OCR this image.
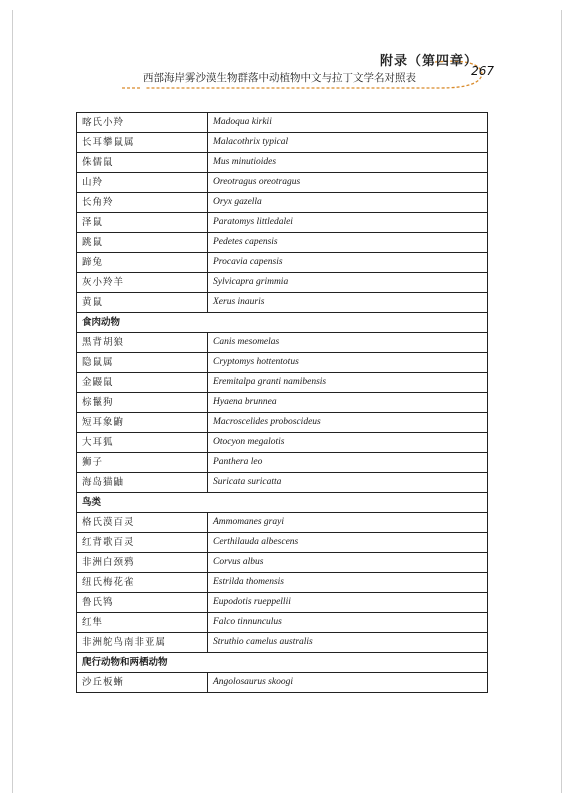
附录（第四章）
西部海岸雾沙漠生物群落中动植物中文与拉丁文学名对照表	267
喀氏小羚	Madoqua kirkii
长耳攀鼠属	Malacothrix typical
侏儒鼠	Mus minutioides
山羚	Oreotragus oreotragus
长角羚	Oryx gazella
泽鼠	Paratomys littledalei
跳鼠	Pedetes capensis
蹄兔	Procavia capensis
灰小羚羊	Sylvicapra grimmia
黄鼠	Xerus inauris
食肉动物	
黑背胡狼	Canis mesomelas
隐鼠属	Cryptomys hottentotus
金鼹鼠	Eremitalpa granti namibensis
棕鬣狗	Hyaena brunnea
短耳象鼩	Macroscelides proboscideus
大耳狐	Otocyon megalotis
狮子	Panthera leo
海岛猫鼬	Suricata suricatta
鸟类	
格氏漠百灵	Ammomanes grayi
红背歌百灵	Certhilauda albescens
非洲白颈鸦	Corvus albus
纽氏梅花雀	Estrilda thomensis
鲁氏鸨	Eupodotis rueppellii
红隼	Falco tinnunculus
非洲鸵鸟南非亚属	Struthio camelus australis
爬行动物和两栖动物	
沙丘板蜥	Angolosaurus skoogi
